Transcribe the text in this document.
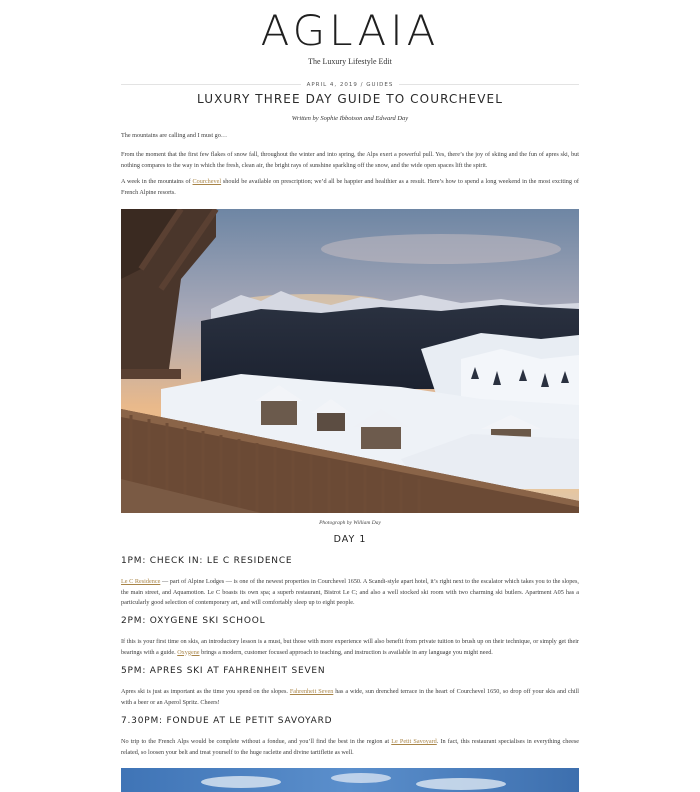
AGLAIA
The Luxury Lifestyle Edit
APRIL 4, 2019 / GUIDES
LUXURY THREE DAY GUIDE TO COURCHEVEL
Written by Sophie Ibbotson and Edward Day

The mountains are calling and I must go…

From the moment that the first few flakes of snow fall, throughout the winter and into spring, the Alps exert a powerful pull. Yes, there’s the joy of skiing and the fun of apres ski, but nothing compares to the way in which the fresh, clean air, the bright rays of sunshine sparkling off the snow, and the wide open spaces lift the spirit.

A week in the mountains of Courchevel should be available on prescription; we’d all be happier and healthier as a result. Here’s how to spend a long weekend in the most exciting of French Alpine resorts.

Photograph by William Day
DAY 1
1PM: CHECK IN: LE C RESIDENCE

Le C Residence — part of Alpine Lodges — is one of the newest properties in Courchevel 1650. A Scandi-style apart hotel, it’s right next to the escalator which takes you to the slopes, the main street, and Aquamotion. Le C boasts its own spa; a superb restaurant, Bistrot Le C; and also a well stocked ski room with two charming ski butlers. Apartment A05 has a particularly good selection of contemporary art, and will comfortably sleep up to eight people.

2PM: OXYGENE SKI SCHOOL

If this is your first time on skis, an introductory lesson is a must, but those with more experience will also benefit from private tuition to brush up on their technique, or simply get their bearings with a guide. Oxygene brings a modern, customer focused approach to teaching, and instruction is available in any language you might need.

5PM: APRES SKI AT FAHRENHEIT SEVEN

Apres ski is just as important as the time you spend on the slopes. Fahrenheit Seven has a wide, sun drenched terrace in the heart of Courchevel 1650, so drop off your skis and chill with a beer or an Aperol Spritz. Cheers!

7.30PM: FONDUE AT LE PETIT SAVOYARD

No trip to the French Alps would be complete without a fondue, and you’ll find the best in the region at Le Petit Savoyard. In fact, this restaurant specialises in everything cheese related, so loosen your belt and treat yourself to the huge raclette and divine tartiflette as well.
